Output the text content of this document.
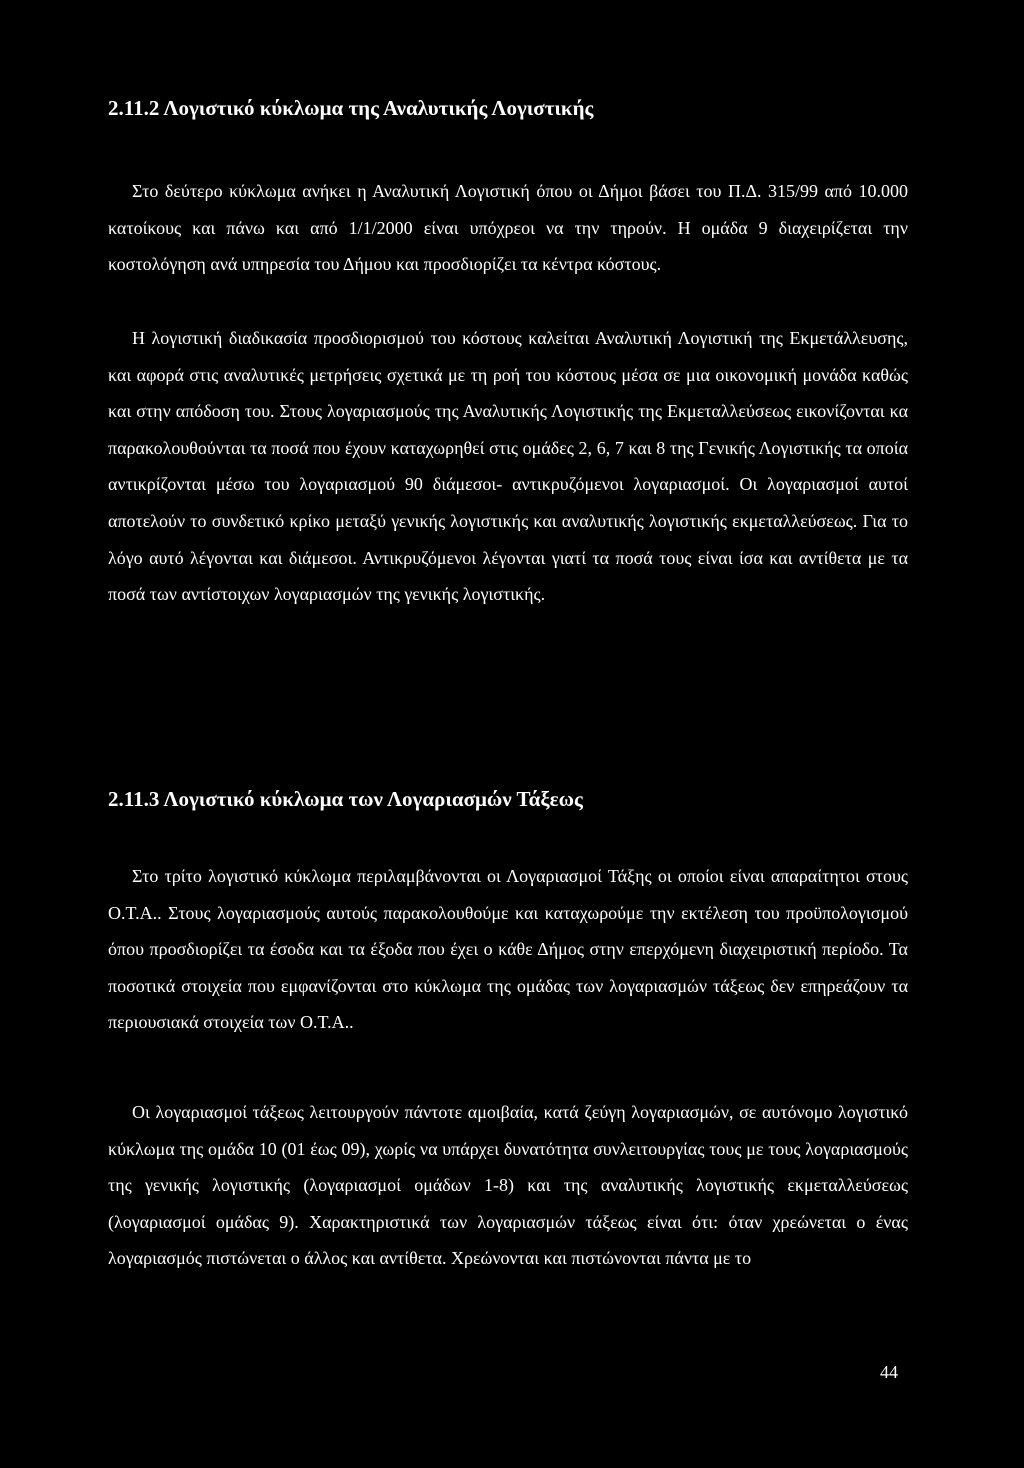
2.11.2 Λογιστικό κύκλωμα της Αναλυτικής Λογιστικής

Στο δεύτερο κύκλωμα ανήκει η Αναλυτική Λογιστική όπου οι Δήμοι βάσει του Π.Δ. 315/99 από 10.000 κατοίκους και πάνω και από 1/1/2000 είναι υπόχρεοι να την τηρούν. Η ομάδα 9 διαχειρίζεται την κοστολόγηση ανά υπηρεσία του Δήμου και προσδιορίζει τα κέντρα κόστους.

Η λογιστική διαδικασία προσδιορισμού του κόστους καλείται Αναλυτική Λογιστική της Εκμετάλλευσης, και αφορά στις αναλυτικές μετρήσεις σχετικά με τη ροή του κόστους μέσα σε μια οικονομική μονάδα καθώς και στην απόδοση του. Στους λογαριασμούς της Αναλυτικής Λογιστικής της Εκμεταλλεύσεως εικονίζονται κα παρακολουθούνται τα ποσά που έχουν καταχωρηθεί στις ομάδες 2, 6, 7 και 8 της Γενικής Λογιστικής τα οποία αντικρίζονται μέσω του λογαριασμού 90 διάμεσοι- αντικρυζόμενοι λογαριασμοί. Οι λογαριασμοί αυτοί αποτελούν το συνδετικό κρίκο μεταξύ γενικής λογιστικής και αναλυτικής λογιστικής εκμεταλλεύσεως. Για το λόγο αυτό λέγονται και διάμεσοι. Αντικρυζόμενοι λέγονται γιατί τα ποσά τους είναι ίσα και αντίθετα με τα ποσά των αντίστοιχων λογαριασμών της γενικής λογιστικής.

2.11.3 Λογιστικό κύκλωμα των Λογαριασμών Τάξεως

Στο τρίτο λογιστικό κύκλωμα περιλαμβάνονται οι Λογαριασμοί Τάξης οι οποίοι είναι απαραίτητοι στους Ο.Τ.Α.. Στους λογαριασμούς αυτούς παρακολουθούμε και καταχωρούμε την εκτέλεση του προϋπολογισμού όπου προσδιορίζει τα έσοδα και τα έξοδα που έχει ο κάθε Δήμος στην επερχόμενη διαχειριστική περίοδο. Τα ποσοτικά στοιχεία που εμφανίζονται στο κύκλωμα της ομάδας των λογαριασμών τάξεως δεν επηρεάζουν τα περιουσιακά στοιχεία των Ο.Τ.Α..

Οι λογαριασμοί τάξεως λειτουργούν πάντοτε αμοιβαία, κατά ζεύγη λογαριασμών, σε αυτόνομο λογιστικό κύκλωμα της ομάδα 10 (01 έως 09), χωρίς να υπάρχει δυνατότητα συνλειτουργίας τους με τους λογαριασμούς της γενικής λογιστικής (λογαριασμοί ομάδων 1-8) και της αναλυτικής λογιστικής εκμεταλλεύσεως (λογαριασμοί ομάδας 9). Χαρακτηριστικά των λογαριασμών τάξεως είναι ότι: όταν χρεώνεται ο ένας λογαριασμός πιστώνεται ο άλλος και αντίθετα. Χρεώνονται και πιστώνονται πάντα με το

44
